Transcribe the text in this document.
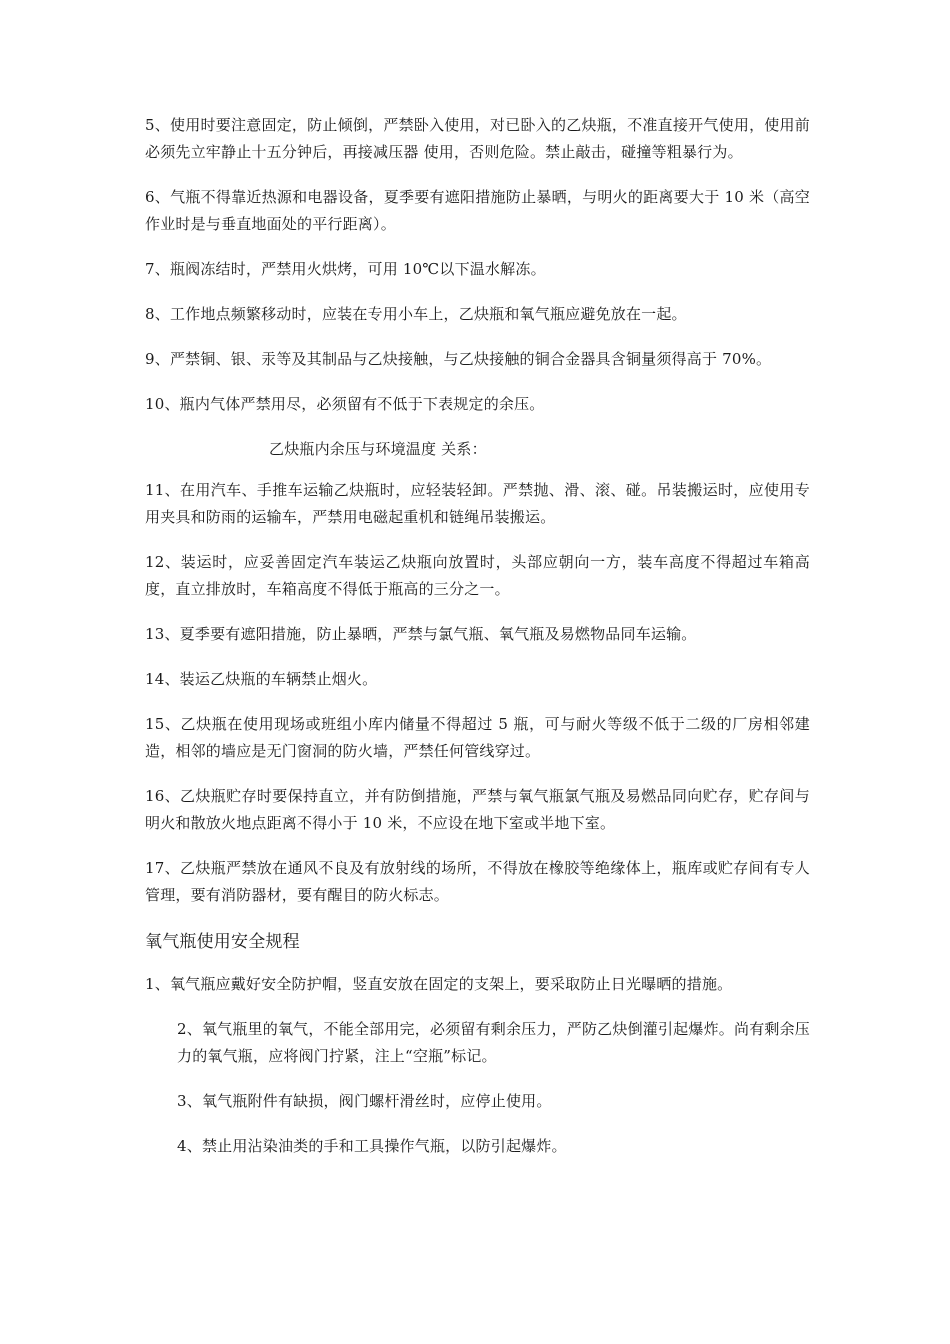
5、使用时要注意固定，防止倾倒，严禁卧入使用，对已卧入的乙炔瓶，不准直接开气使用，使用前必须先立牢静止十五分钟后，再接减压器 使用，否则危险。禁止敲击，碰撞等粗暴行为。

6、气瓶不得靠近热源和电器设备，夏季要有遮阳措施防止暴晒，与明火的距离要大于 10 米（高空作业时是与垂直地面处的平行距离）。

7、瓶阀冻结时，严禁用火烘烤，可用 10℃以下温水解冻。

8、工作地点频繁移动时，应装在专用小车上，乙炔瓶和氧气瓶应避免放在一起。

9、严禁铜、银、汞等及其制品与乙炔接触，与乙炔接触的铜合金器具含铜量须得高于 70%。

10、瓶内气体严禁用尽，必须留有不低于下表规定的余压。

乙炔瓶内余压与环境温度 关系：

11、在用汽车、手推车运输乙炔瓶时，应轻装轻卸。严禁抛、滑、滚、碰。吊装搬运时，应使用专用夹具和防雨的运输车，严禁用电磁起重机和链绳吊装搬运。

12、装运时，应妥善固定汽车装运乙炔瓶向放置时，头部应朝向一方，装车高度不得超过车箱高度，直立排放时，车箱高度不得低于瓶高的三分之一。

13、夏季要有遮阳措施，防止暴晒，严禁与氯气瓶、氧气瓶及易燃物品同车运输。

14、装运乙炔瓶的车辆禁止烟火。

15、乙炔瓶在使用现场或班组小库内储量不得超过 5 瓶，可与耐火等级不低于二级的厂房相邻建造，相邻的墙应是无门窗洞的防火墙，严禁任何管线穿过。

16、乙炔瓶贮存时要保持直立，并有防倒措施，严禁与氧气瓶氯气瓶及易燃品同向贮存，贮存间与明火和散放火地点距离不得小于 10 米，不应设在地下室或半地下室。

17、乙炔瓶严禁放在通风不良及有放射线的场所，不得放在橡胶等绝缘体上，瓶库或贮存间有专人管理，要有消防器材，要有醒目的防火标志。

氧气瓶使用安全规程

1、氧气瓶应戴好安全防护帽，竖直安放在固定的支架上，要采取防止日光曝晒的措施。

2、氧气瓶里的氧气，不能全部用完，必须留有剩余压力，严防乙炔倒灌引起爆炸。尚有剩余压力的氧气瓶，应将阀门拧紧，注上“空瓶”标记。

3、氧气瓶附件有缺损，阀门螺杆滑丝时，应停止使用。

4、禁止用沾染油类的手和工具操作气瓶，以防引起爆炸。
